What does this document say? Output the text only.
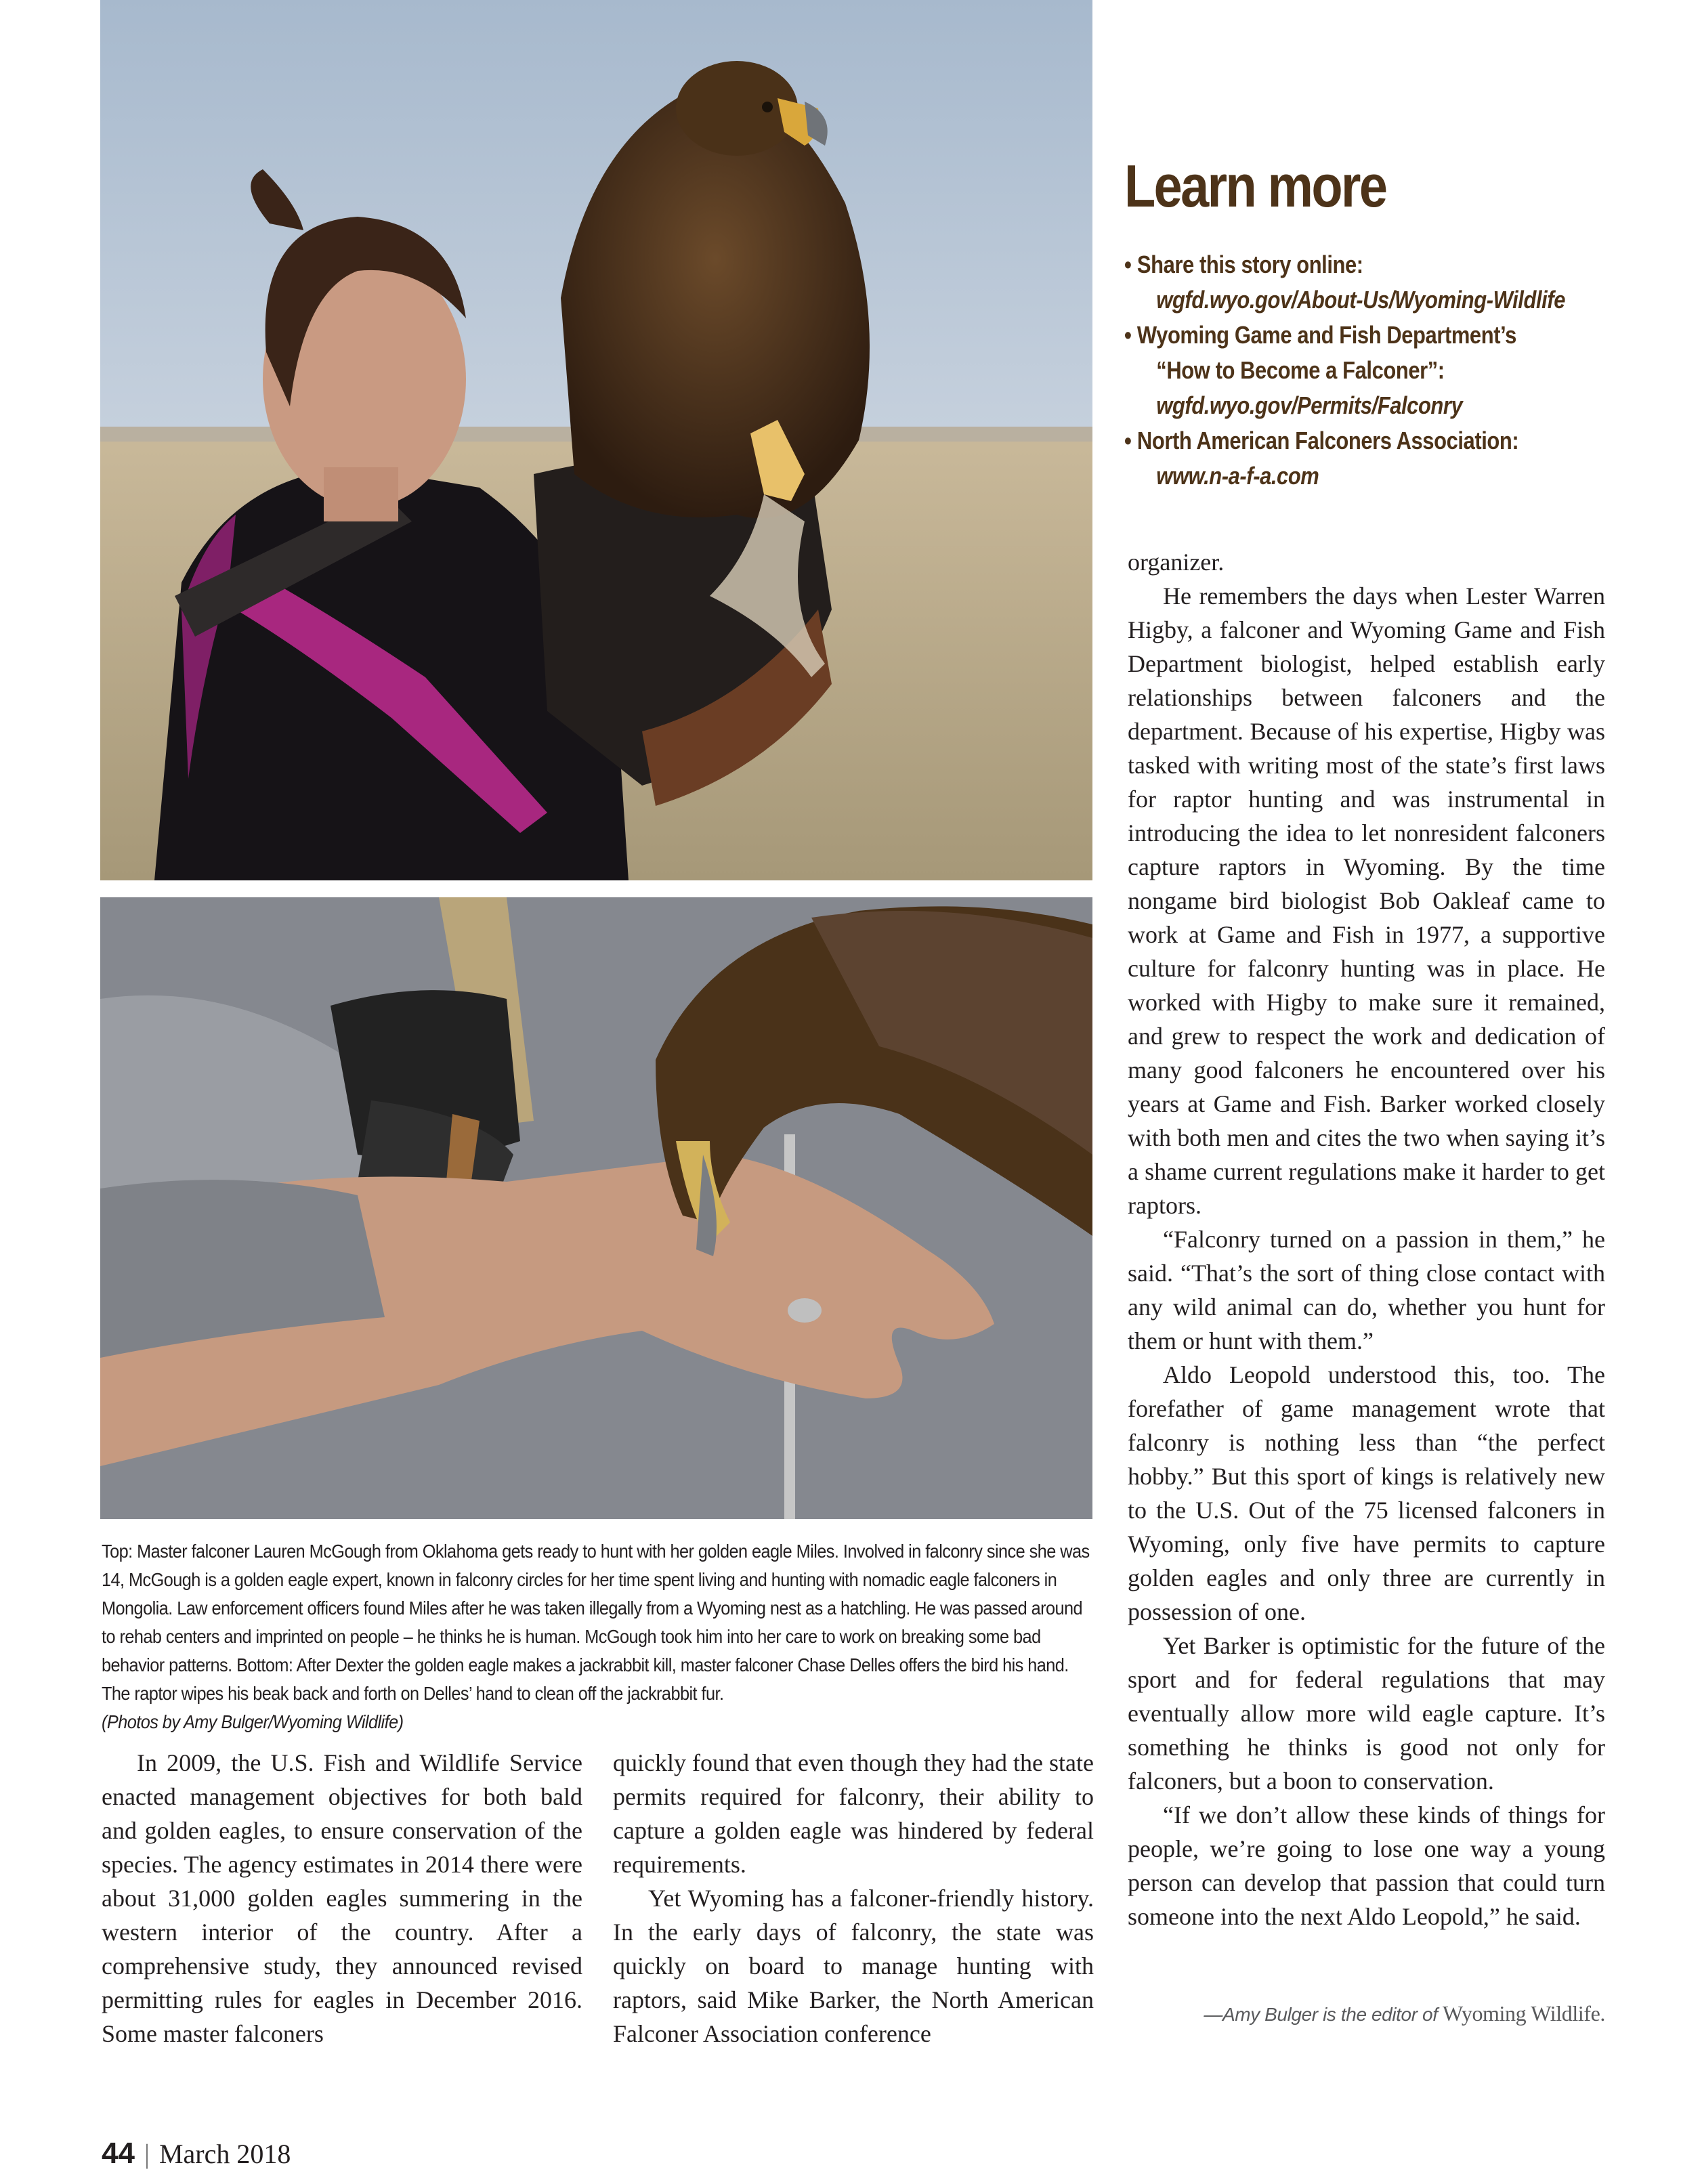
Top: Master falconer Lauren McGough from Oklahoma gets ready to hunt with her golden eagle Miles. Involved in falconry since she was 14, McGough is a golden eagle expert, known in falconry circles for her time spent living and hunting with nomadic eagle falconers in Mongolia. Law enforcement officers found Miles after he was taken illegally from a Wyoming nest as a hatchling. He was passed around to rehab centers and imprinted on people – he thinks he is human. McGough took him into her care to work on breaking some bad behavior patterns. Bottom: After Dexter the golden eagle makes a jackrabbit kill, master falconer Chase Delles offers the bird his hand. The raptor wipes his beak back and forth on Delles’ hand to clean off the jackrabbit fur.
(Photos by Amy Bulger/Wyoming Wildlife)
Learn more
• Share this story online:
wgfd.wyo.gov/About-Us/Wyoming-Wildlife
• Wyoming Game and Fish Department’s
“How to Become a Falconer”:
wgfd.wyo.gov/Permits/Falconry
• North American Falconers Association:
www.n-a-f-a.com

In 2009, the U.S. Fish and Wildlife Service enacted management objectives for both bald and golden eagles, to ensure conservation of the species. The agency estimates in 2014 there were about 31,000 golden eagles summering in the western interior of the country. After a comprehensive study, they announced revised permitting rules for eagles in December 2016. Some master falconers

quickly found that even though they had the state permits required for falconry, their ability to capture a golden eagle was hindered by federal requirements.

Yet Wyoming has a falconer-friendly history. In the early days of falconry, the state was quickly on board to manage hunting with raptors, said Mike Barker, the North American Falconer Association conference

organizer.

He remembers the days when Lester Warren Higby, a falconer and Wyoming Game and Fish Department biologist, helped establish early relationships between falconers and the department. Because of his expertise, Higby was tasked with writing most of the state’s first laws for raptor hunting and was instrumental in introducing the idea to let nonresident falconers capture raptors in Wyoming. By the time nongame bird biologist Bob Oakleaf came to work at Game and Fish in 1977, a supportive culture for falconry hunting was in place. He worked with Higby to make sure it remained, and grew to respect the work and dedication of many good falconers he encountered over his years at Game and Fish. Barker worked closely with both men and cites the two when saying it’s a shame current regulations make it harder to get raptors.

“Falconry turned on a passion in them,” he said. “That’s the sort of thing close contact with any wild animal can do, whether you hunt for them or hunt with them.”

Aldo Leopold understood this, too. The forefather of game management wrote that falconry is nothing less than “the perfect hobby.” But this sport of kings is relatively new to the U.S. Out of the 75 licensed falconers in Wyoming, only five have permits to capture golden eagles and only three are currently in possession of one.

Yet Barker is optimistic for the future of the sport and for federal regulations that may eventually allow more wild eagle capture. It’s something he thinks is good not only for falconers, but a boon to conservation.

“If we don’t allow these kinds of things for people, we’re going to lose one way a young person can develop that passion that could turn someone into the next Aldo Leopold,” he said.

—Amy Bulger is the editor of Wyoming Wildlife.
44 | March 2018
